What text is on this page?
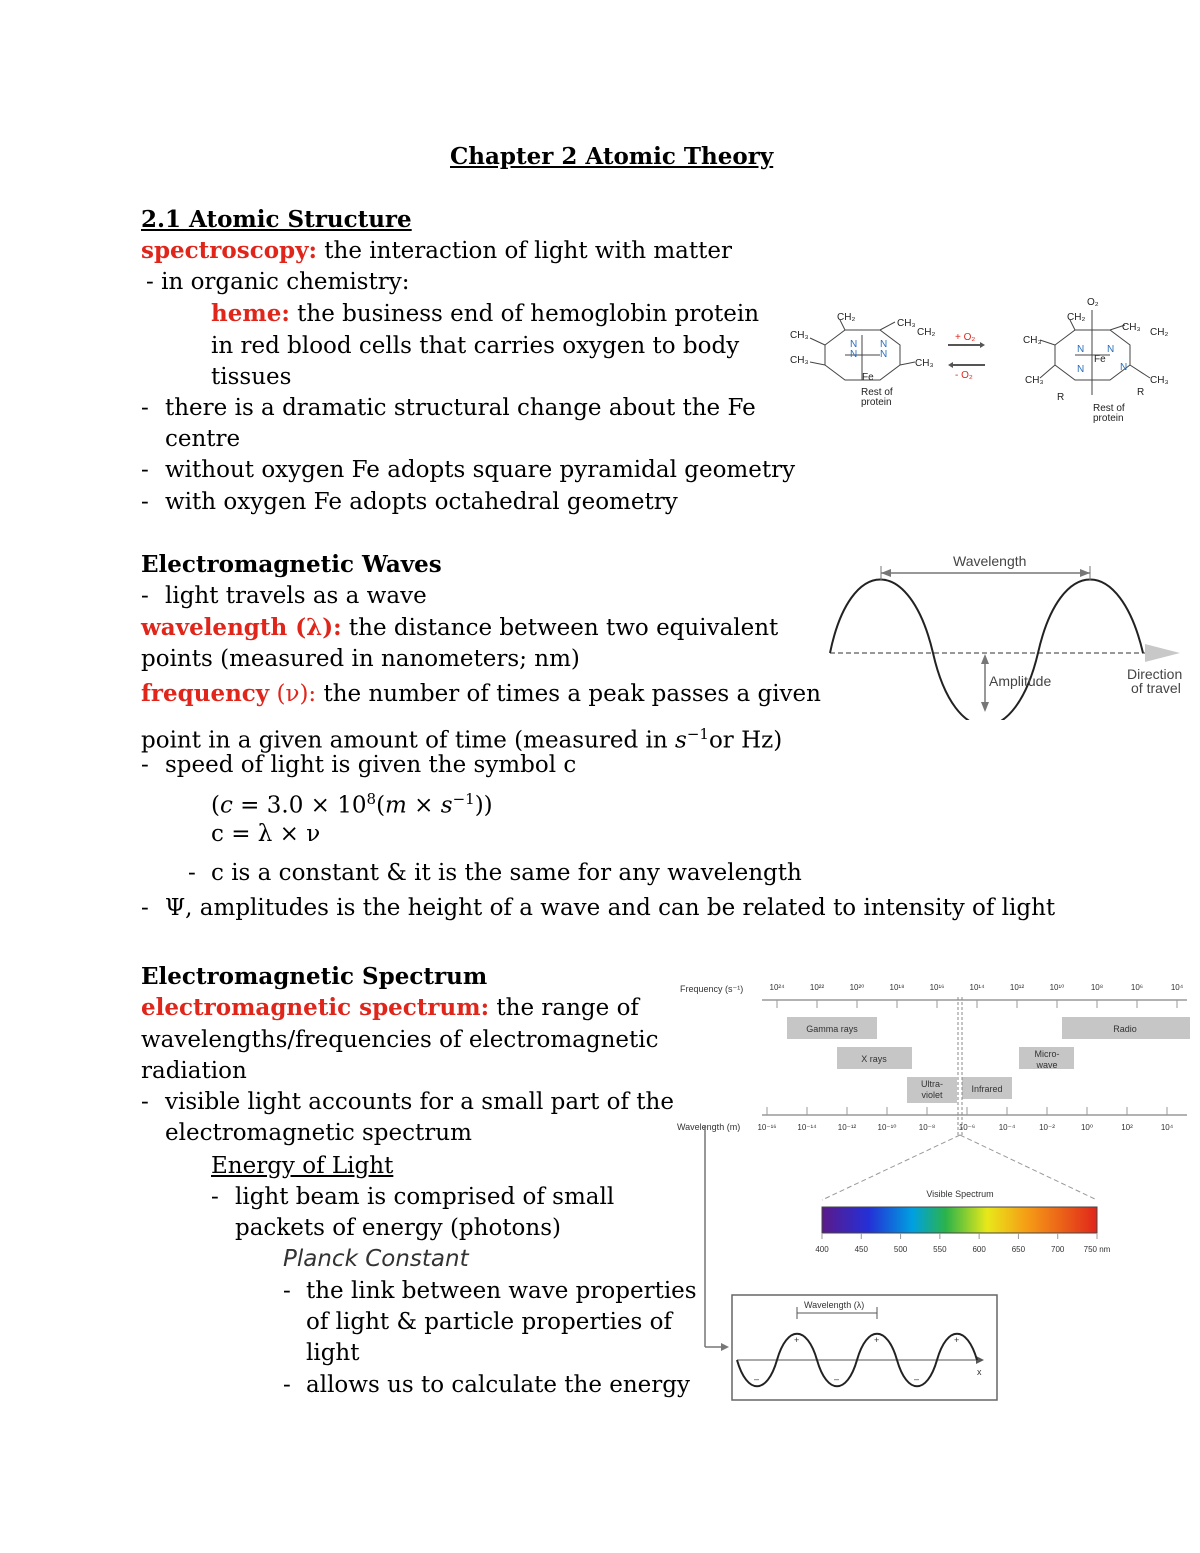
Chapter 2 Atomic Theory
2.1 Atomic Structure
spectroscopy: the interaction of light with matter
- in organic chemistry:
heme: the business end of hemoglobin protein
in red blood cells that carries oxygen to body
tissues
- there is a dramatic structural change about the Fe
centre
- without oxygen Fe adopts square pyramidal geometry
- with oxygen Fe adopts octahedral geometry
CH₂
CH₃
CH₃
CH₃
CH₂
CH₃
N N
N N
Fe
Rest of
protein
+ O₂
- O₂
O₂
CH₂
CH₃
CH₃
CH₃ CH₂
CH₃
N N
N	N
Fe
R	R
Rest of
protein
Electromagnetic Waves
- light travels as a wave
wavelength (λ): the distance between two equivalent
points (measured in nanometers; nm)
frequency (ν): the number of times a peak passes a given
point in a given amount of time (measured in $s^{-1}or$ Hz)
- speed of light is given the symbol c
$(c = 3.0 \times 10^8(m \times s^{-1}))$
c = λ × ν
- c is a constant & it is the same for any wavelength
- Ψ, amplitudes is the height of a wave and can be related to intensity of light
Wavelength
Amplitude	Direction
of travel
Electromagnetic Spectrum
electromagnetic spectrum: the range of
wavelengths/frequencies of electromagnetic
radiation
- visible light accounts for a small part of the
electromagnetic spectrum
Energy of Light
- light beam is comprised of small
packets of energy (photons)
Planck Constant
- the link between wave properties
of light & particle properties of
light
- allows us to calculate the energy
Frequency (s⁻¹)
Wavelength (m)
10²⁴	10²²	10²⁰	10¹⁸	10¹⁶	10¹⁴	10¹²	10¹⁰	10⁸	10⁶	10⁴
10⁻¹⁶	10⁻¹⁴	10⁻¹²	10⁻¹⁰	10⁻⁸	10⁻⁶	10⁻⁴	10⁻²	10⁰	10²	10⁴
Gamma rays
X rays
Ultra-
violet
Infrared
Micro-
wave
Radio
Visible Spectrum
400	450	500	550	600	650	700 750 nm
Wavelength (λ)
+	+	+
–	–	–
x
